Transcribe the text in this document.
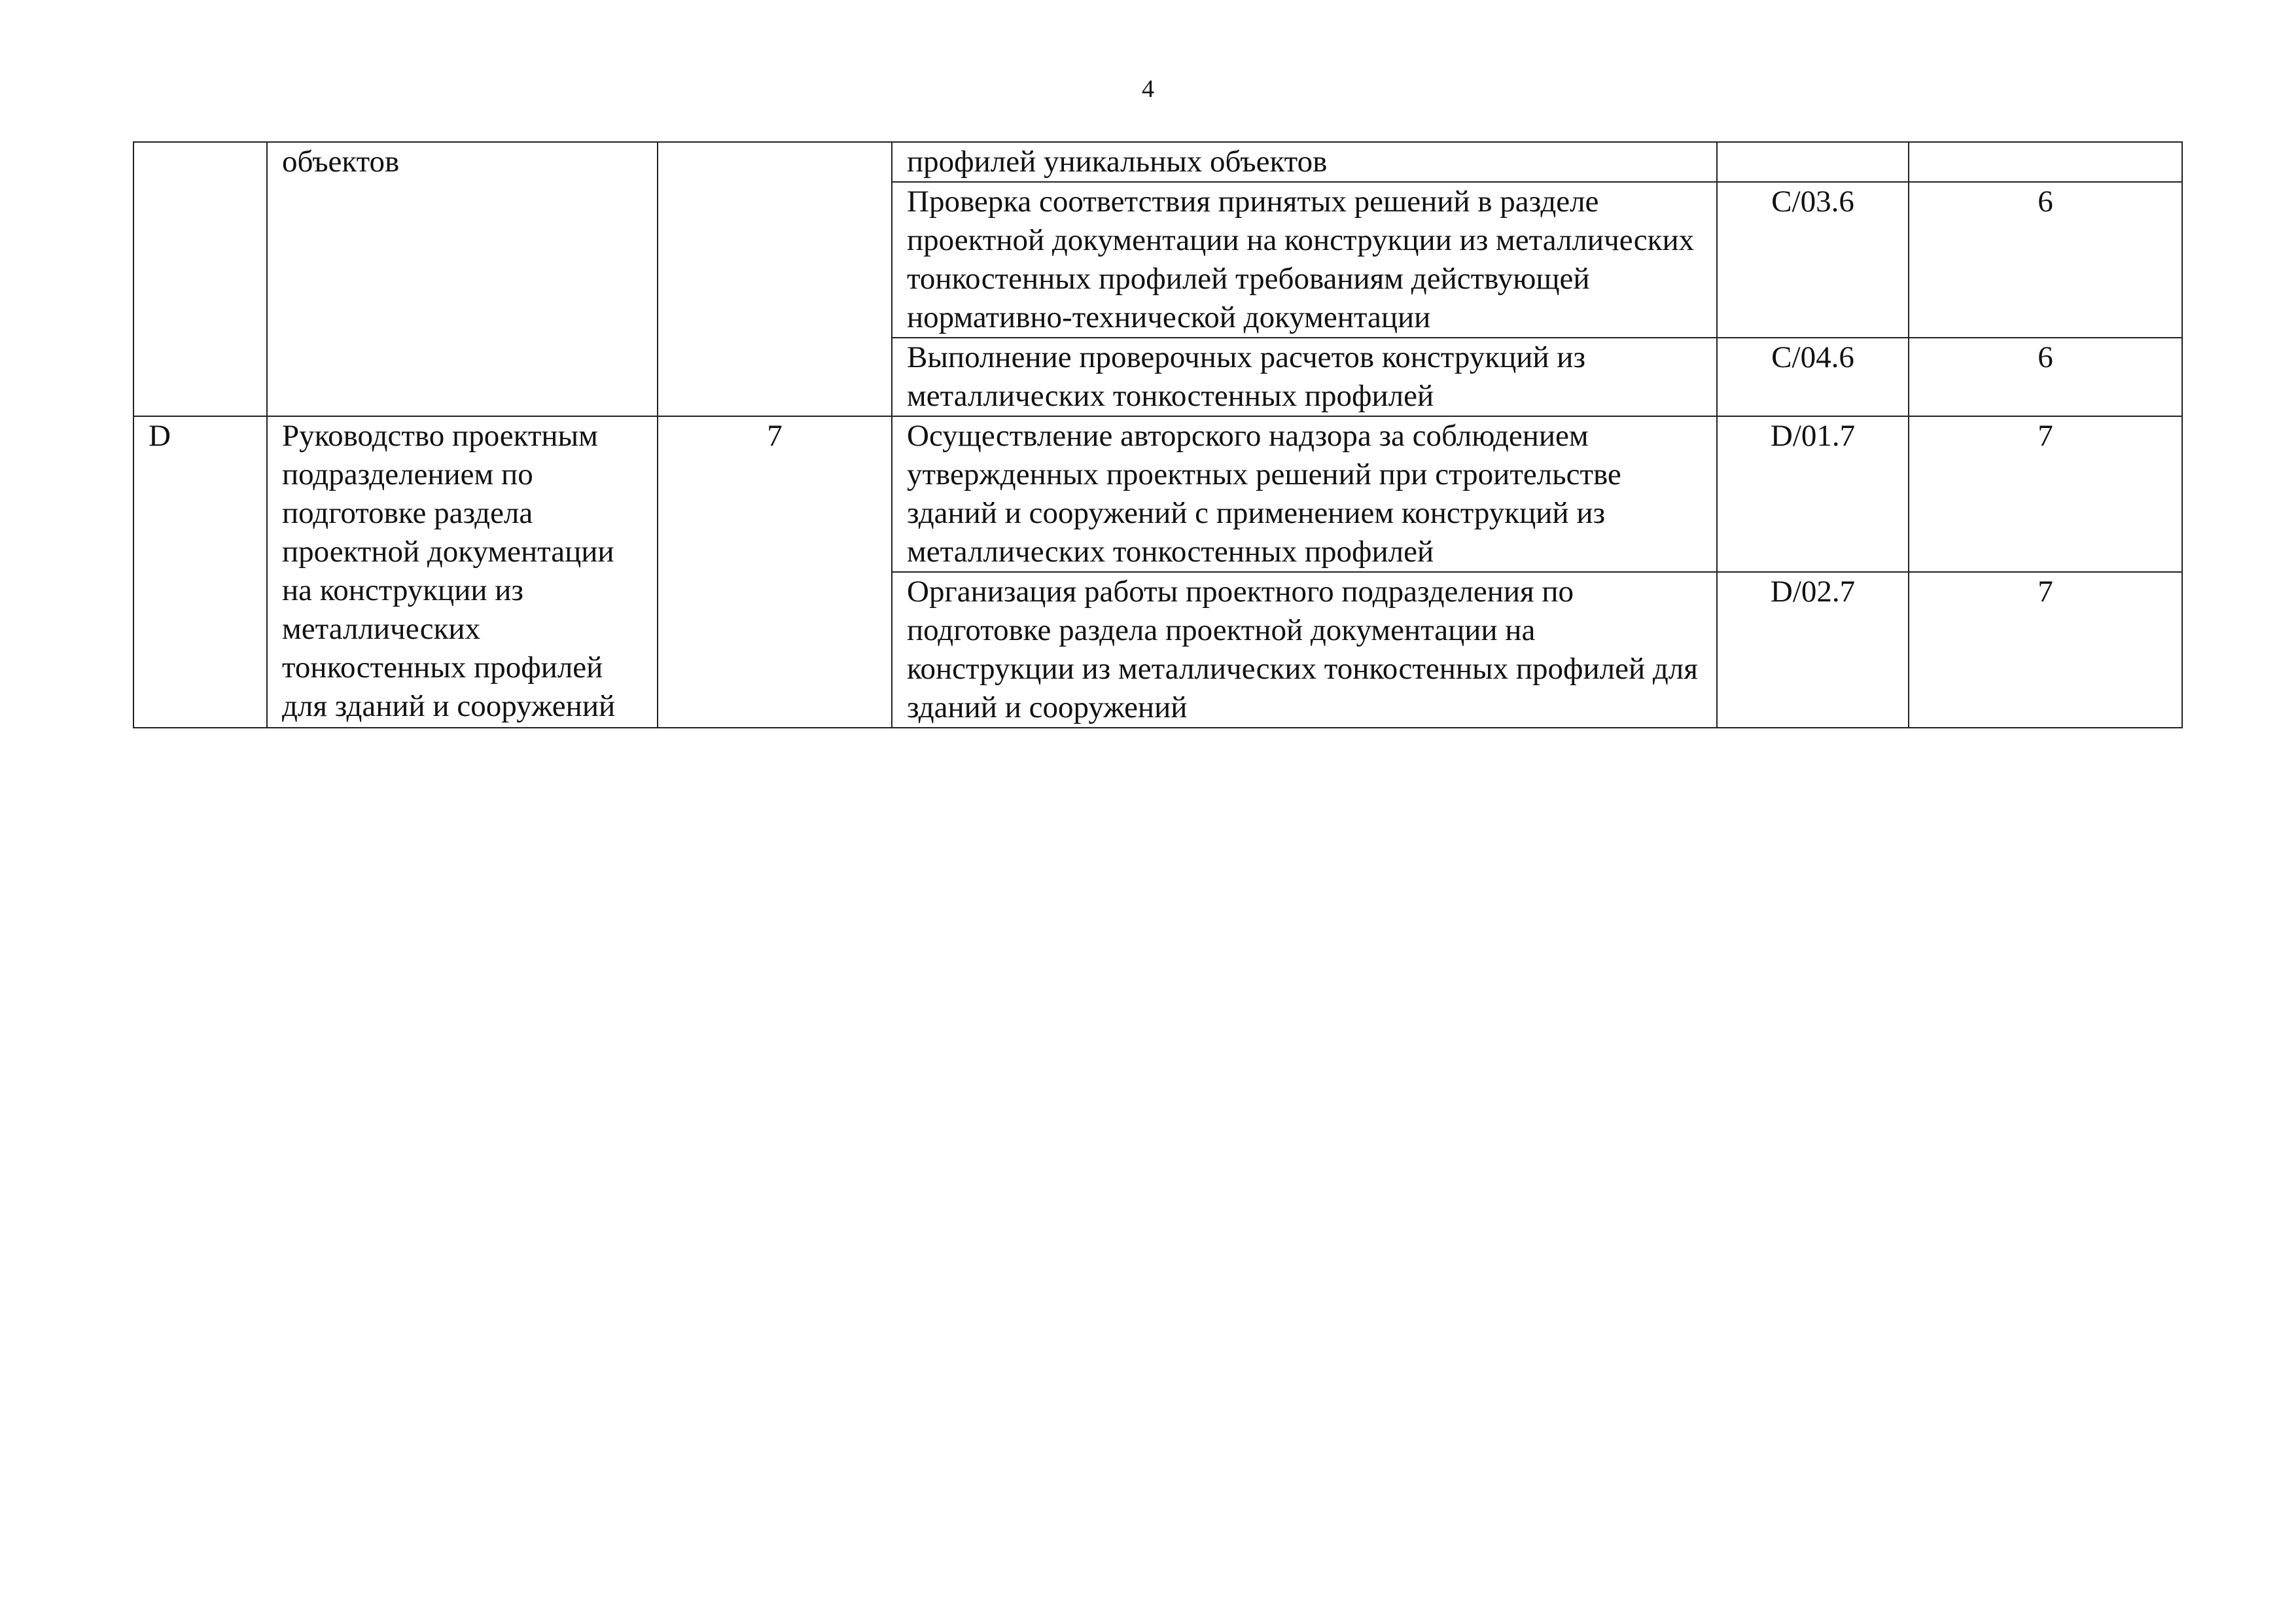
4
	объектов		профилей уникальных объектов		
			Проверка соответствия принятых решений в разделе проектной документации на конструкции из металлических тонкостенных профилей требованиям действующей нормативно-технической документации	C/03.6	6
			Выполнение проверочных расчетов конструкций из металлических тонкостенных профилей	C/04.6	6
D	Руководство проектным подразделением по подготовке раздела проектной документации на конструкции из металлических тонкостенных профилей для зданий и сооружений	7	Осуществление авторского надзора за соблюдением утвержденных проектных решений при строительстве зданий и сооружений с применением конструкций из металлических тонкостенных профилей	D/01.7	7
			Организация работы проектного подразделения по подготовке раздела проектной документации на конструкции из металлических тонкостенных профилей для зданий и сооружений	D/02.7	7
